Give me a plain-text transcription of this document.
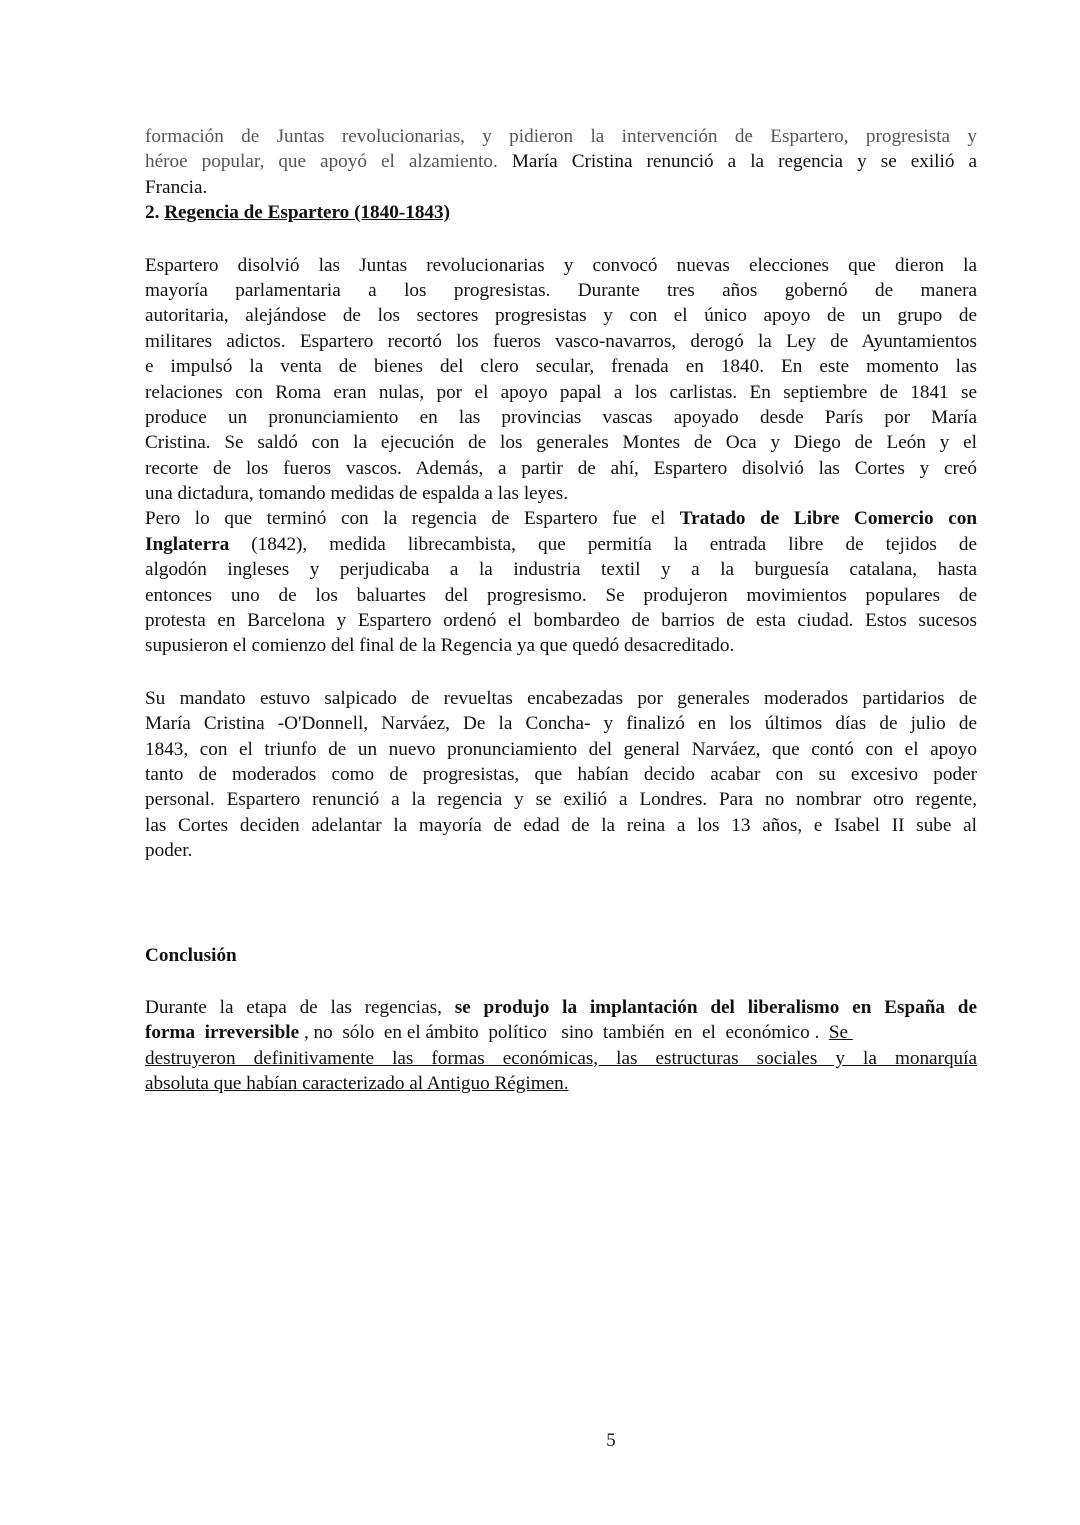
formación de Juntas revolucionarias, y pidieron la intervención de Espartero, progresista y
héroe popular, que apoyó el alzamiento. María Cristina renunció a la regencia y se exilió a
Francia.
2. Regencia de Espartero (1840-1843)
Espartero disolvió las Juntas revolucionarias y convocó nuevas elecciones que dieron la
mayoría parlamentaria a los progresistas. Durante tres años gobernó de manera
autoritaria, alejándose de los sectores progresistas y con el único apoyo de un grupo de
militares adictos. Espartero recortó los fueros vasco-navarros, derogó la Ley de Ayuntamientos
e impulsó la venta de bienes del clero secular, frenada en 1840. En este momento las
relaciones con Roma eran nulas, por el apoyo papal a los carlistas. En septiembre de 1841 se
produce un pronunciamiento en las provincias vascas apoyado desde París por María
Cristina. Se saldó con la ejecución de los generales Montes de Oca y Diego de León y el
recorte de los fueros vascos. Además, a partir de ahí, Espartero disolvió las Cortes y creó
una dictadura, tomando medidas de espalda a las leyes.
Pero lo que terminó con la regencia de Espartero fue el Tratado de Libre Comercio con
Inglaterra (1842), medida librecambista, que permitía la entrada libre de tejidos de
algodón ingleses y perjudicaba a la industria textil y a la burguesía catalana, hasta
entonces uno de los baluartes del progresismo. Se produjeron movimientos populares de
protesta en Barcelona y Espartero ordenó el bombardeo de barrios de esta ciudad. Estos sucesos
supusieron el comienzo del final de la Regencia ya que quedó desacreditado.
Su mandato estuvo salpicado de revueltas encabezadas por generales moderados partidarios de
María Cristina -O'Donnell, Narváez, De la Concha- y finalizó en los últimos días de julio de
1843, con el triunfo de un nuevo pronunciamiento del general Narváez, que contó con el apoyo
tanto de moderados como de progresistas, que habían decido acabar con su excesivo poder
personal. Espartero renunció a la regencia y se exilió a Londres. Para no nombrar otro regente,
las Cortes deciden adelantar la mayoría de edad de la reina a los 13 años, e Isabel II sube al
poder.
Conclusión
Durante la etapa de las regencias, se produjo la implantación del liberalismo en España de
forma  irreversible , no  sólo  en el ámbito  político   sino  también  en  el  económico .  Se
destruyeron definitivamente las formas económicas, las estructuras sociales y la monarquía
absoluta que habían caracterizado al Antiguo Régimen.
5
